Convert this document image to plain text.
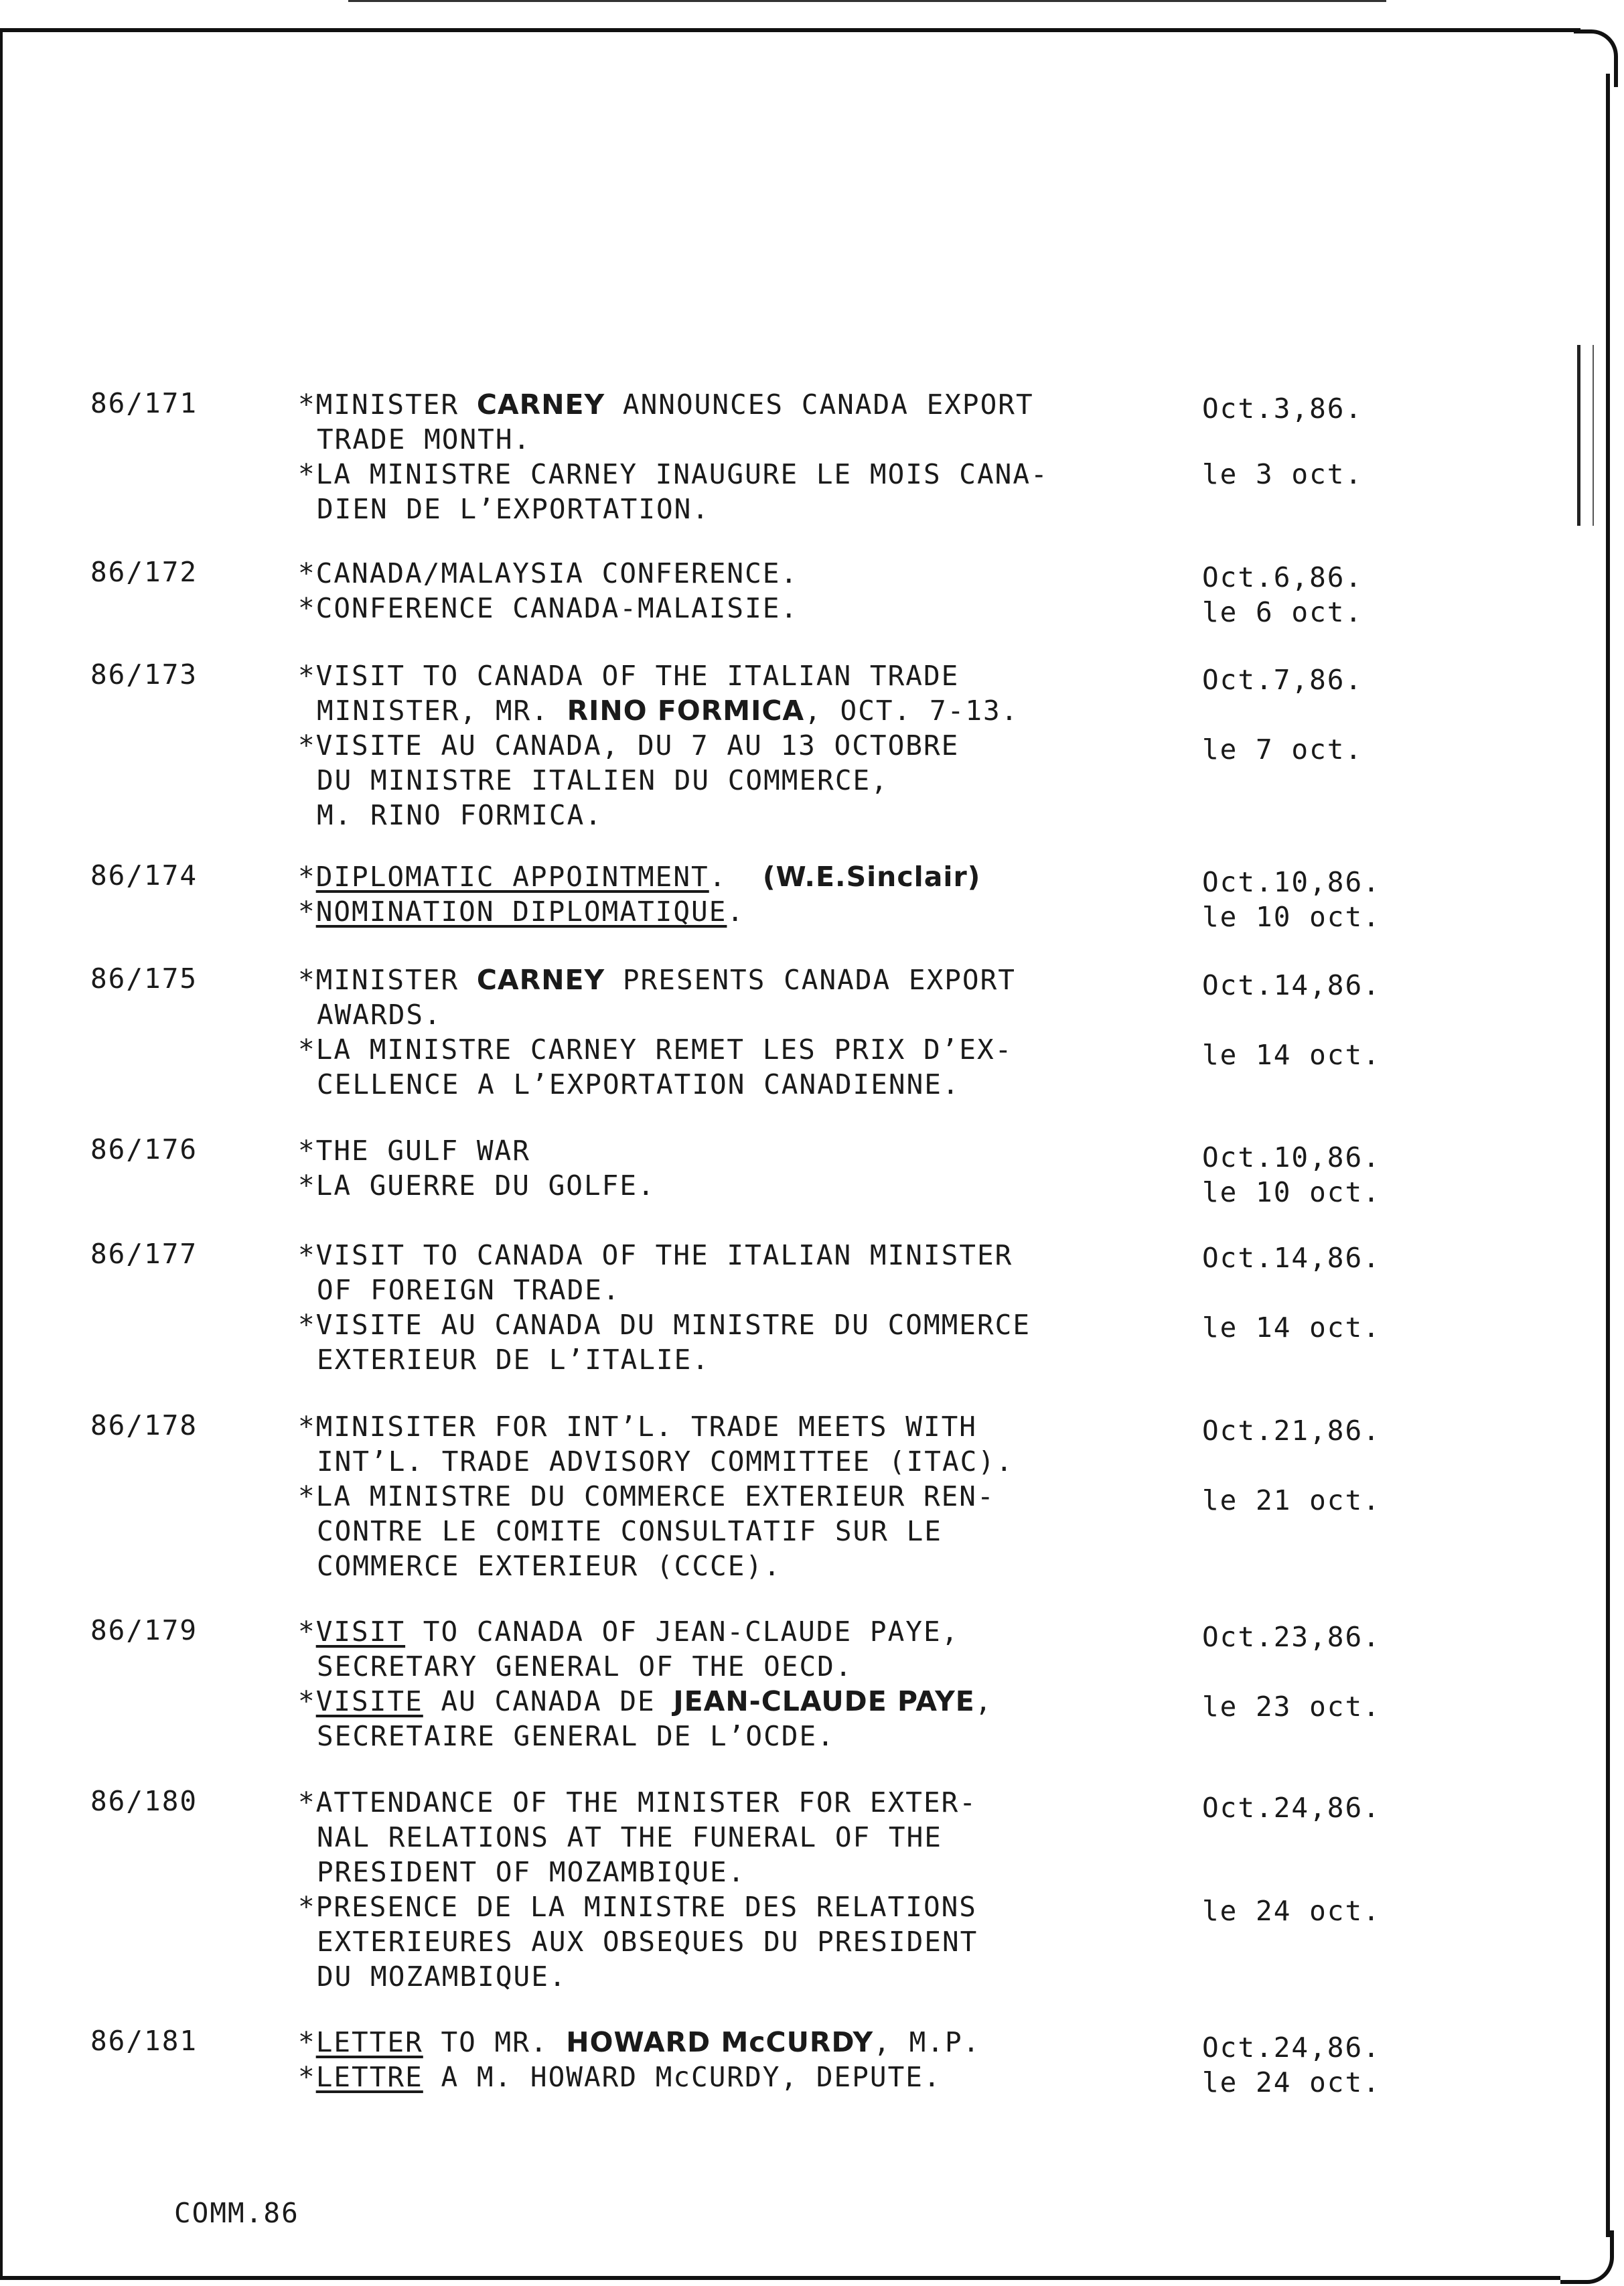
86/171	*MINISTER CARNEY ANNOUNCES CANADA EXPORT
TRADE MONTH.
*LA MINISTRE CARNEY INAUGURE LE MOIS CANA-
DIEN DE L’EXPORTATION.
Oct.3,86.
le 3 oct.
86/172	*CANADA/MALAYSIA CONFERENCE.
*CONFERENCE CANADA-MALAISIE.
Oct.6,86.
le 6 oct.
86/173	*VISIT TO CANADA OF THE ITALIAN TRADE
MINISTER, MR. RINO FORMICA, OCT. 7-13.
*VISITE AU CANADA, DU 7 AU 13 OCTOBRE
DU MINISTRE ITALIEN DU COMMERCE,
M. RINO FORMICA.
Oct.7,86.
le 7 oct.
86/174	*DIPLOMATIC APPOINTMENT.  (W.E.Sinclair)
*NOMINATION DIPLOMATIQUE.
Oct.10,86.
le 10 oct.
86/175	*MINISTER CARNEY PRESENTS CANADA EXPORT
AWARDS.
*LA MINISTRE CARNEY REMET LES PRIX D’EX-
CELLENCE A L’EXPORTATION CANADIENNE.
Oct.14,86.
le 14 oct.
86/176	*THE GULF WAR
*LA GUERRE DU GOLFE.
Oct.10,86.
le 10 oct.
86/177	*VISIT TO CANADA OF THE ITALIAN MINISTER
OF FOREIGN TRADE.
*VISITE AU CANADA DU MINISTRE DU COMMERCE
EXTERIEUR DE L’ITALIE.
Oct.14,86.
le 14 oct.
86/178	*MINISITER FOR INT’L. TRADE MEETS WITH
INT’L. TRADE ADVISORY COMMITTEE (ITAC).
*LA MINISTRE DU COMMERCE EXTERIEUR REN-
CONTRE LE COMITE CONSULTATIF SUR LE
COMMERCE EXTERIEUR (CCCE).
Oct.21,86.
le 21 oct.
86/179	*VISIT TO CANADA OF JEAN-CLAUDE PAYE,
SECRETARY GENERAL OF THE OECD.
*VISITE AU CANADA DE JEAN-CLAUDE PAYE,
SECRETAIRE GENERAL DE L’OCDE.
Oct.23,86.
le 23 oct.
86/180	*ATTENDANCE OF THE MINISTER FOR EXTER-
NAL RELATIONS AT THE FUNERAL OF THE
PRESIDENT OF MOZAMBIQUE.
*PRESENCE DE LA MINISTRE DES RELATIONS
EXTERIEURES AUX OBSEQUES DU PRESIDENT
DU MOZAMBIQUE.
Oct.24,86.
le 24 oct.
86/181	*LETTER TO MR. HOWARD McCURDY, M.P.
*LETTRE A M. HOWARD McCURDY, DEPUTE.
Oct.24,86.
le 24 oct.
COMM.86
